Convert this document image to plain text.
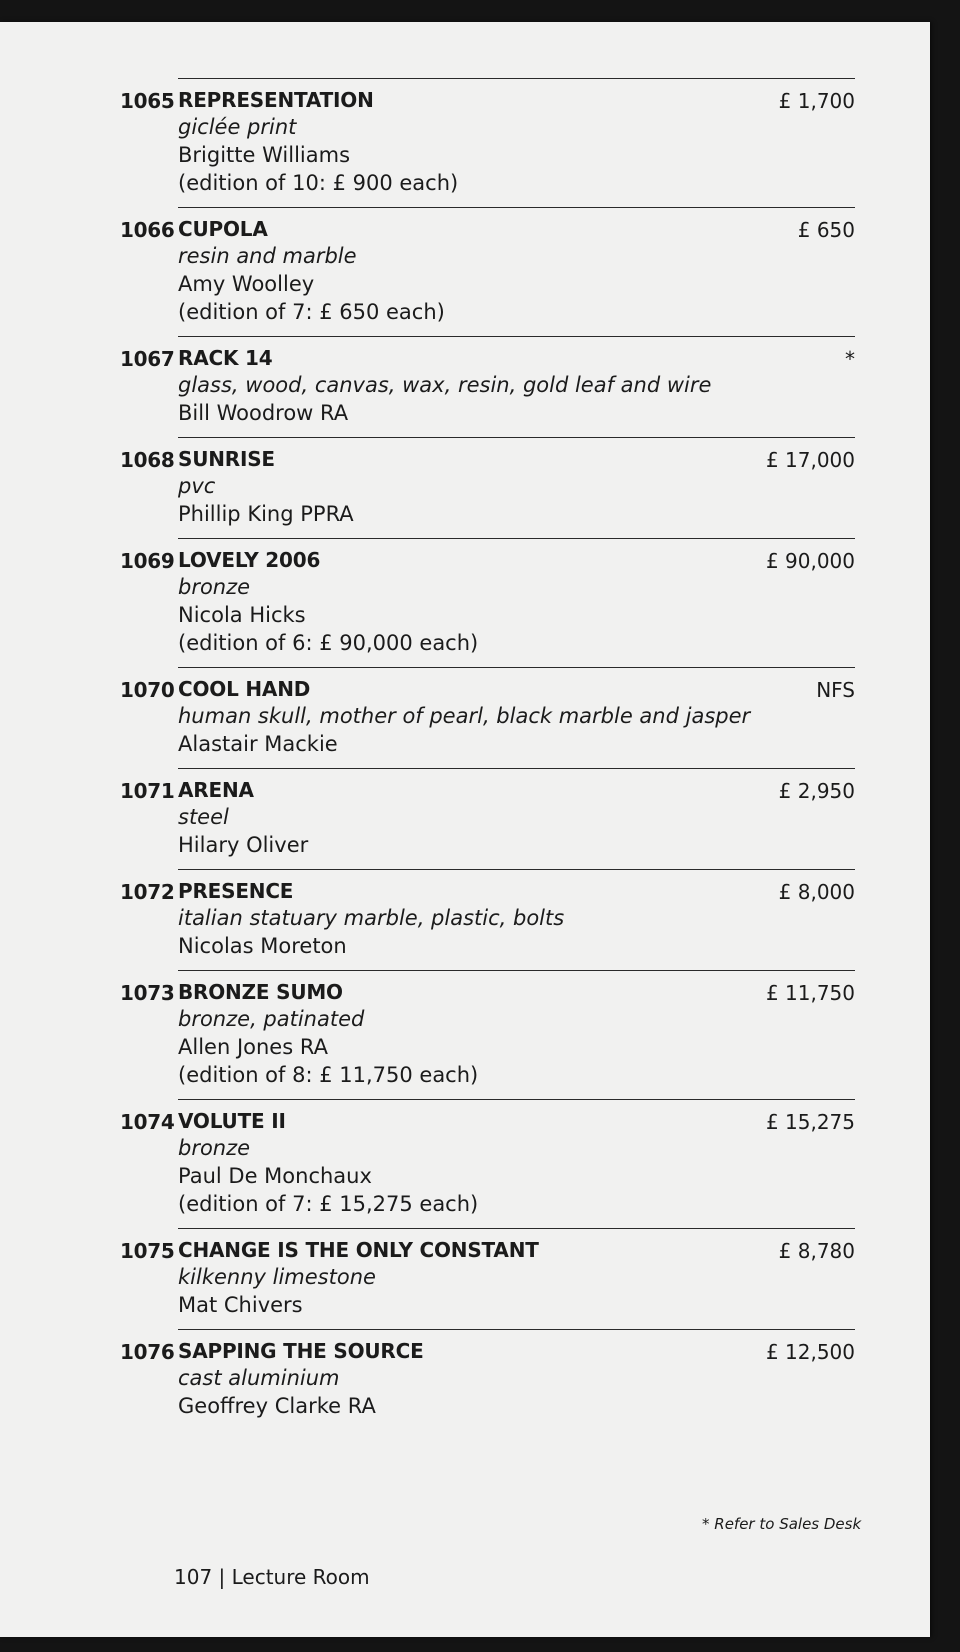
1065 REPRESENTATION
giclée print
Brigitte Williams
(edition of 10: £ 900 each)
£ 1,700
1066 CUPOLA
resin and marble
Amy Woolley
(edition of 7: £ 650 each)
£ 650
1067 RACK 14
glass, wood, canvas, wax, resin, gold leaf and wire
Bill Woodrow RA
*
1068 SUNRISE
pvc
Phillip King PPRA
£ 17,000
1069 LOVELY 2006
bronze
Nicola Hicks
(edition of 6: £ 90,000 each)
£ 90,000
1070 COOL HAND
human skull, mother of pearl, black marble and jasper
Alastair Mackie
NFS
1071 ARENA
steel
Hilary Oliver
£ 2,950
1072 PRESENCE
italian statuary marble, plastic, bolts
Nicolas Moreton
£ 8,000
1073 BRONZE SUMO
bronze, patinated
Allen Jones RA
(edition of 8: £ 11,750 each)
£ 11,750
1074 VOLUTE II
bronze
Paul De Monchaux
(edition of 7: £ 15,275 each)
£ 15,275
1075 CHANGE IS THE ONLY CONSTANT
kilkenny limestone
Mat Chivers
£ 8,780
1076 SAPPING THE SOURCE
cast aluminium
Geoffrey Clarke RA
£ 12,500
* Refer to Sales Desk
107 | Lecture Room
